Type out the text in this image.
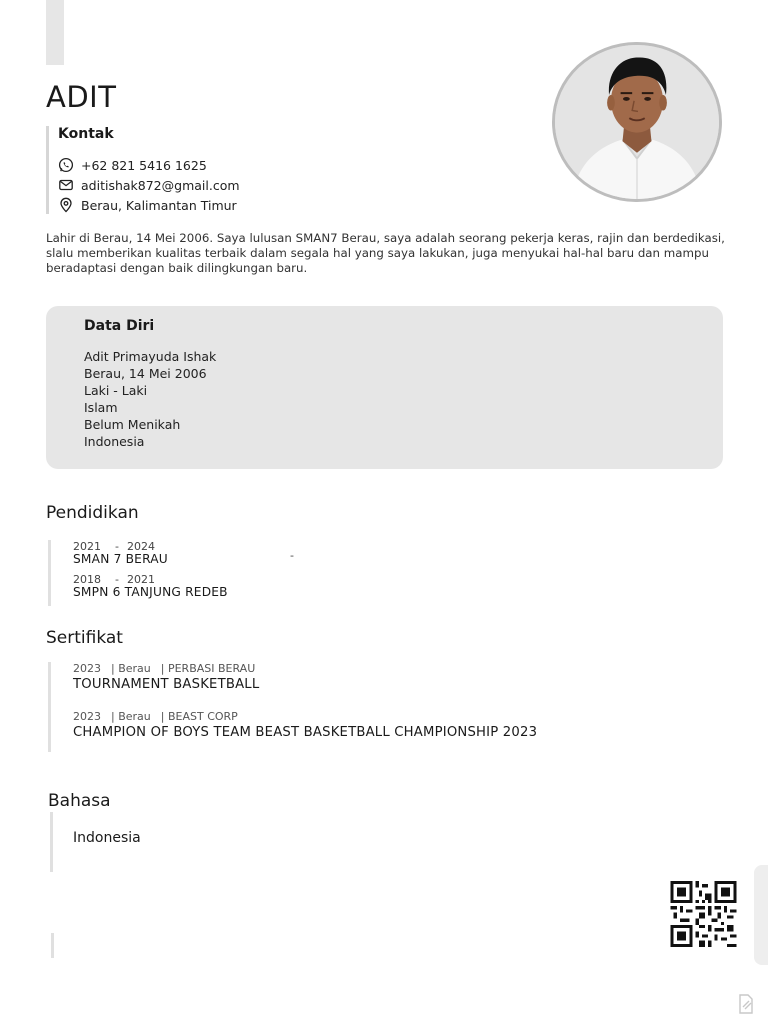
ADIT
Kontak
+62 821 5416 1625
aditishak872@gmail.com
Berau, Kalimantan Timur
Lahir di Berau, 14 Mei 2006. Saya lulusan SMAN7 Berau, saya adalah seorang pekerja keras, rajin dan berdedikasi, slalu memberikan kualitas terbaik dalam segala hal yang saya lakukan, juga menyukai hal-hal baru dan mampu beradaptasi dengan baik dilingkungan baru.
Data Diri
Adit Primayuda Ishak
Berau, 14 Mei 2006
Laki - Laki
Islam
Belum Menikah
Indonesia
Pendidikan
2021 - 2024
SMAN 7 BERAU
2018 - 2021
SMPN 6 TANJUNG REDEB
-
Sertifikat
2023 | Berau | PERBASI BERAU
TOURNAMENT BASKETBALL
2023 | Berau | BEAST CORP
CHAMPION OF BOYS TEAM BEAST BASKETBALL CHAMPIONSHIP 2023
Bahasa
Indonesia
